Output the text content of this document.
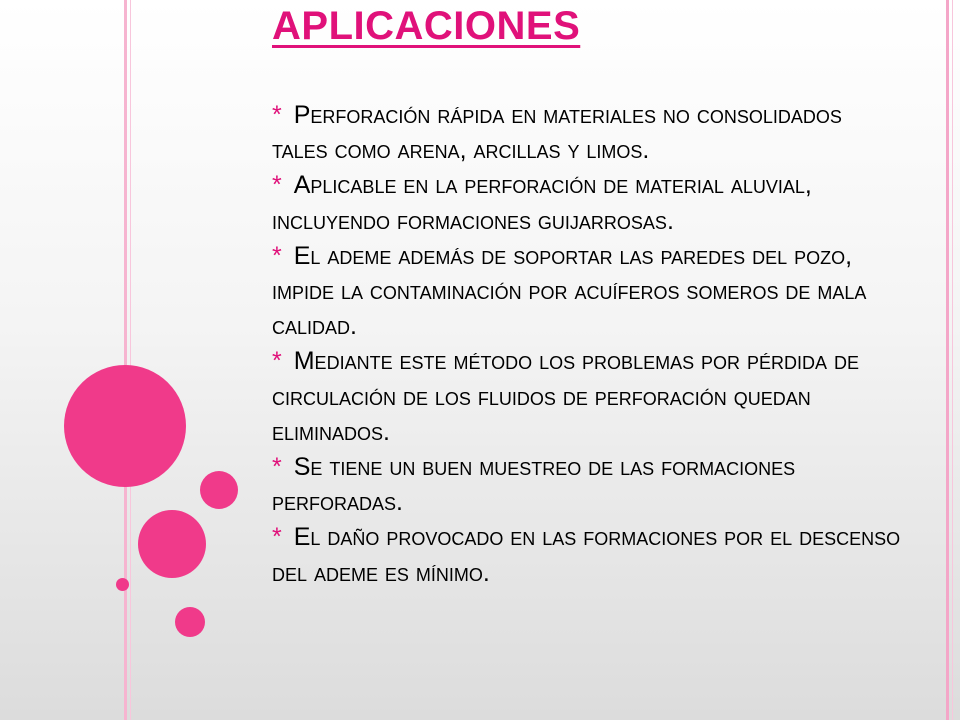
APLICACIONES
* Perforación rápida en materiales no consolidados tales como arena, arcillas y limos.
* Aplicable en la perforación de material aluvial, incluyendo formaciones guijarrosas.
* El ademe además de soportar las paredes del pozo, impide la contaminación por acuíferos someros de mala calidad.
* Mediante este método los problemas por pérdida de circulación de los fluidos de perforación quedan eliminados.
* Se tiene un buen muestreo de las formaciones perforadas.
* El daño provocado en las formaciones por el descenso del ademe es mínimo.
